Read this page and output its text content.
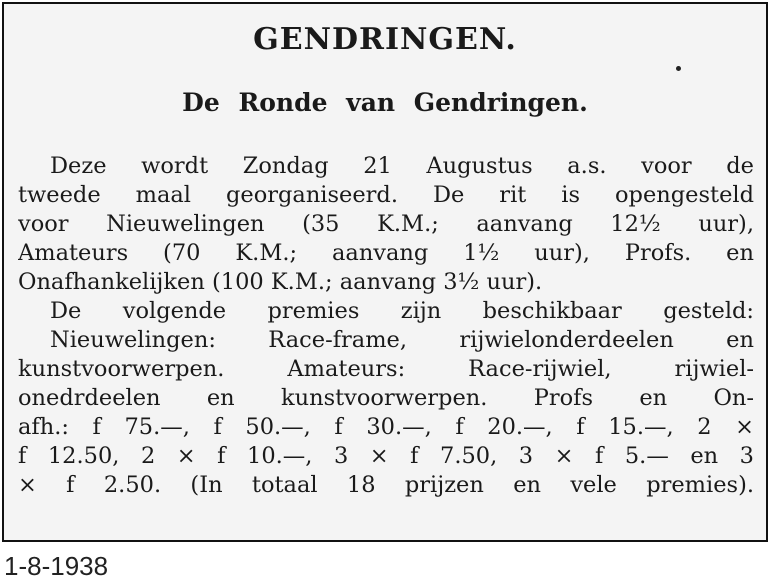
GENDRINGEN.
De Ronde van Gendringen.
Deze wordt Zondag 21 Augustus a.s. voor de
tweede maal georganiseerd. De rit is opengesteld
voor Nieuwelingen (35 K.M.; aanvang 12½ uur),
Amateurs (70 K.M.; aanvang 1½ uur), Profs. en
Onafhankelijken (100 K.M.; aanvang 3½ uur).
De volgende premies zijn beschikbaar gesteld:
Nieuwelingen: Race-frame, rijwielonderdeelen en
kunstvoorwerpen. Amateurs: Race-rijwiel, rijwiel-
onedrdeelen en kunstvoorwerpen. Profs en On-
afh.: f 75.—, f 50.—, f 30.—, f 20.—, f 15.—, 2 ×
f 12.50, 2 × f 10.—, 3 × f 7.50, 3 × f 5.— en 3
× f 2.50. (In totaal 18 prijzen en vele premies).
1-8-1938
